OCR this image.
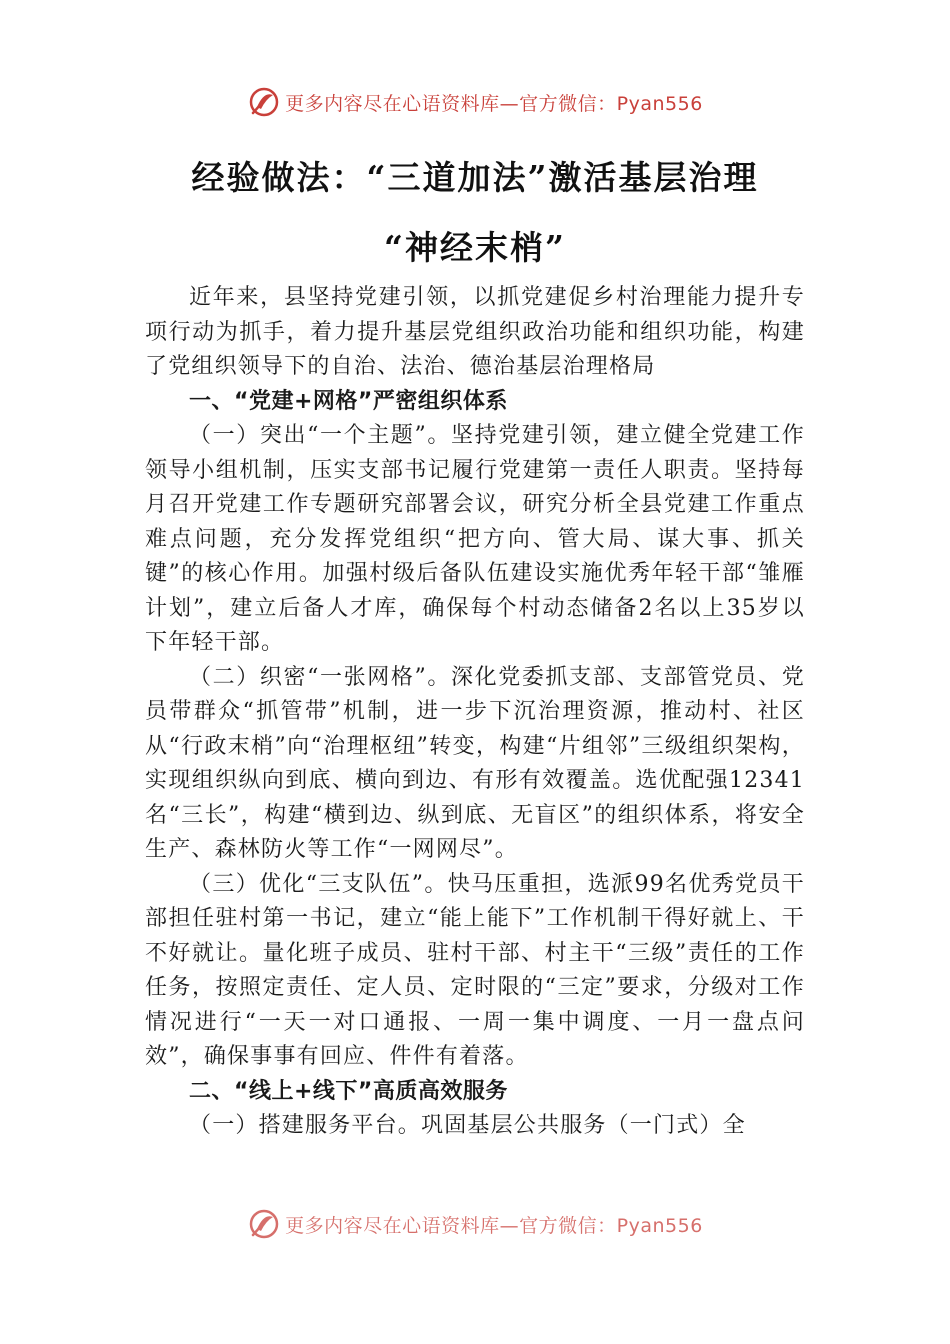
更多内容尽在心语资料库—官方微信：Pyan556
经验做法：“三道加法”激活基层治理
“神经末梢”

近年来，县坚持党建引领，以抓党建促乡村治理能力提升专项行动为抓手，着力提升基层党组织政治功能和组织功能，构建了党组织领导下的自治、法治、德治基层治理格局

一、“党建+网格”严密组织体系

（一）突出“一个主题”。坚持党建引领，建立健全党建工作领导小组机制，压实支部书记履行党建第一责任人职责。坚持每月召开党建工作专题研究部署会议，研究分析全县党建工作重点难点问题，充分发挥党组织“把方向、管大局、谋大事、抓关键”的核心作用。加强村级后备队伍建设实施优秀年轻干部“雏雁计划”，建立后备人才库，确保每个村动态储备2名以上35岁以下年轻干部。

（二）织密“一张网格”。深化党委抓支部、支部管党员、党员带群众“抓管带”机制，进一步下沉治理资源，推动村、社区从“行政末梢”向“治理枢纽”转变，构建“片组邻”三级组织架构，实现组织纵向到底、横向到边、有形有效覆盖。选优配强12341名“三长”，构建“横到边、纵到底、无盲区”的组织体系，将安全生产、森林防火等工作“一网网尽”。

（三）优化“三支队伍”。快马压重担，选派99名优秀党员干部担任驻村第一书记，建立“能上能下”工作机制干得好就上、干不好就让。量化班子成员、驻村干部、村主干“三级”责任的工作任务，按照定责任、定人员、定时限的“三定”要求，分级对工作情况进行“一天一对口通报、一周一集中调度、一月一盘点问效”，确保事事有回应、件件有着落。

二、“线上+线下”高质高效服务

（一）搭建服务平台。巩固基层公共服务（一门式）全

更多内容尽在心语资料库—官方微信：Pyan556
